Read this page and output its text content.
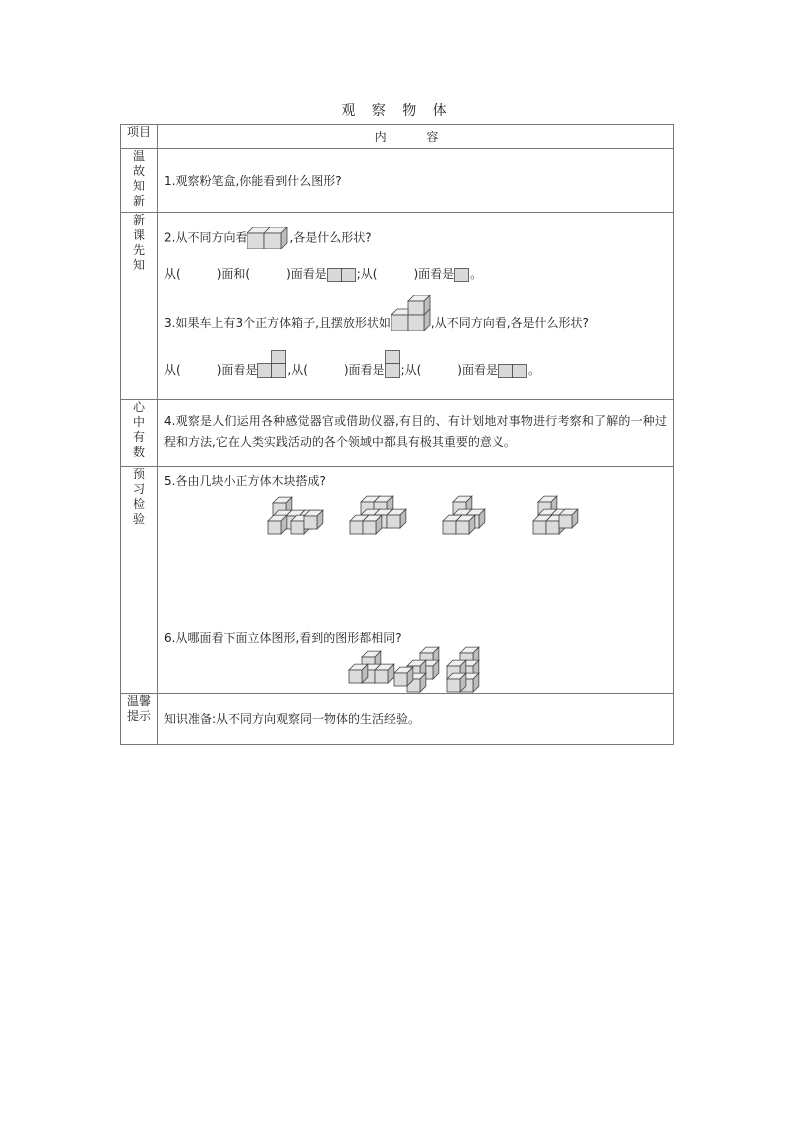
观 察 物 体
项目	内 容
温故知新	1.观察粉笔盒,你能看到什么图形?

新课先知	2.从不同方向看 ,各是什么形状?
从( )面和( )面看是 ;从( )面看是 。
3.如果车上有3个正方体箱子,且摆放形状如 ,从不同方向看,各是什么形状?
从( )面看是 ,从( )面看是 ;从( )面看是 。

心中有数	4.观察是人们运用各种感觉器官或借助仪器,有目的、有计划地对事物进行考察和了解的一种过程和方法,它在人类实践活动的各个领域中都具有极其重要的意义。

预习检验	5.各由几块小正方体木块搭成?
6.从哪面看下面立体图形,看到的图形都相同?

温馨提示	知识准备:从不同方向观察同一物体的生活经验。
